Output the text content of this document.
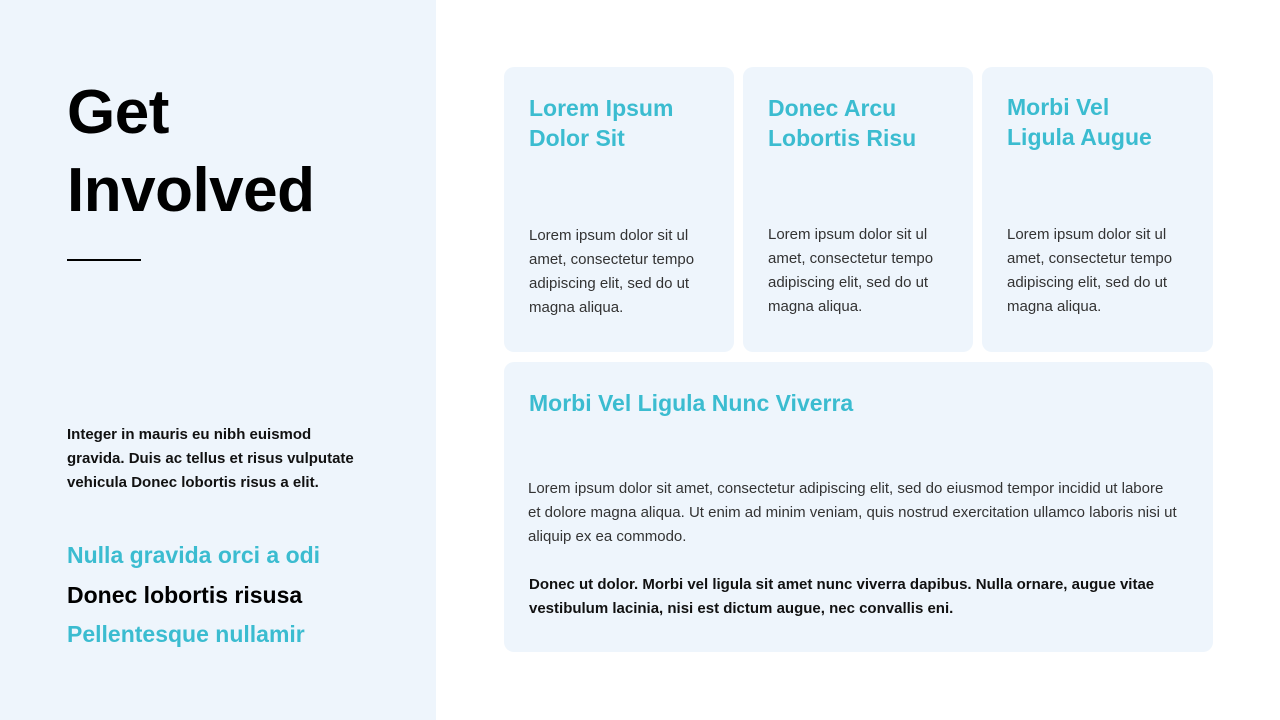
Get
Involved

Integer in mauris eu nibh euismod gravida. Duis ac tellus et risus vulputate vehicula Donec lobortis risus a elit.

Nulla gravida orci a odi
Donec lobortis risusa
Pellentesque nullamir
Lorem Ipsum
Dolor Sit

Lorem ipsum dolor sit ul amet, consectetur tempo adipiscing elit, sed do ut magna aliqua.

Donec Arcu
Lobortis Risu

Lorem ipsum dolor sit ul amet, consectetur tempo adipiscing elit, sed do ut magna aliqua.

Morbi Vel
Ligula Augue

Lorem ipsum dolor sit ul amet, consectetur tempo adipiscing elit, sed do ut magna aliqua.

Morbi Vel Ligula Nunc Viverra

Lorem ipsum dolor sit amet, consectetur adipiscing elit, sed do eiusmod tempor incidid ut labore et dolore magna aliqua. Ut enim ad minim veniam, quis nostrud exercitation ullamco laboris nisi ut aliquip ex ea commodo.

Donec ut dolor. Morbi vel ligula sit amet nunc viverra dapibus. Nulla ornare, augue vitae vestibulum lacinia, nisi est dictum augue, nec convallis eni.
